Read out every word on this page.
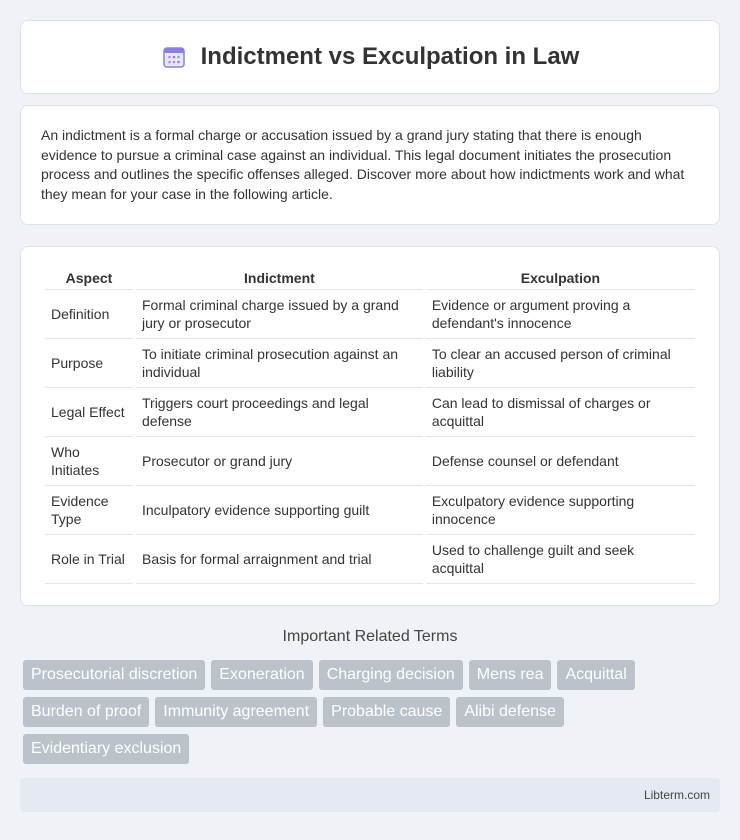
Indictment vs Exculpation in Law

An indictment is a formal charge or accusation issued by a grand jury stating that there is enough evidence to pursue a criminal case against an individual. This legal document initiates the prosecution process and outlines the specific offenses alleged. Discover more about how indictments work and what they mean for your case in the following article.

Aspect	Indictment	Exculpation
Definition	Formal criminal charge issued by a grand jury or prosecutor	Evidence or argument proving a defendant's innocence
Purpose	To initiate criminal prosecution against an individual	To clear an accused person of criminal liability
Legal Effect	Triggers court proceedings and legal defense	Can lead to dismissal of charges or acquittal
Who Initiates	Prosecutor or grand jury	Defense counsel or defendant
Evidence Type	Inculpatory evidence supporting guilt	Exculpatory evidence supporting innocence
Role in Trial	Basis for formal arraignment and trial	Used to challenge guilt and seek acquittal
Important Related Terms
Prosecutorial discretion	Exoneration	Charging decision	Mens rea	Acquittal
Burden of proof	Immunity agreement	Probable cause	Alibi defense
Evidentiary exclusion
Libterm.com
